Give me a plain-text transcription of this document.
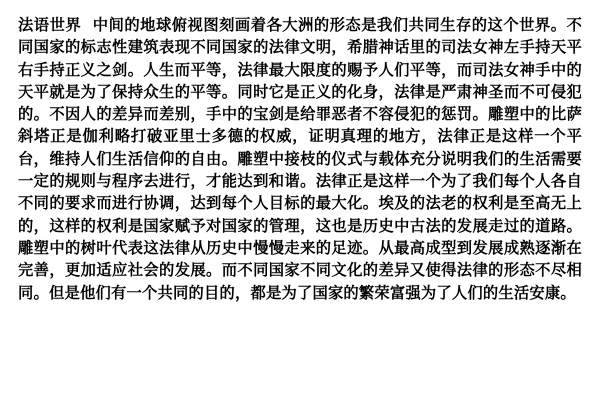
法语世界  中间的地球俯视图刻画着各大洲的形态是我们共同生存的这个世界。不同国家的标志性建筑表现不同国家的法律文明，希腊神话里的司法女神左手持天平右手持正义之剑。人生而平等，法律最大限度的赐予人们平等，而司法女神手中的天平就是为了保持众生的平等。同时它是正义的化身，法律是严肃神圣而不可侵犯的。不因人的差异而差别，手中的宝剑是给罪恶者不容侵犯的惩罚。雕塑中的比萨斜塔正是伽利略打破亚里士多德的权威，证明真理的地方，法律正是这样一个平台，维持人们生活信仰的自由。雕塑中接枝的仪式与载体充分说明我们的生活需要一定的规则与程序去进行，才能达到和谐。法律正是这样一个为了我们每个人各自不同的要求而进行协调，达到每个人目标的最大化。埃及的法老的权利是至高无上的，这样的权利是国家赋予对国家的管理，这也是历史中古法的发展走过的道路。雕塑中的树叶代表这法律从历史中慢慢走来的足迹。从最高成型到发展成熟逐渐在完善，更加适应社会的发展。而不同国家不同文化的差异又使得法律的形态不尽相同。但是他们有一个共同的目的，都是为了国家的繁荣富强为了人们的生活安康。
